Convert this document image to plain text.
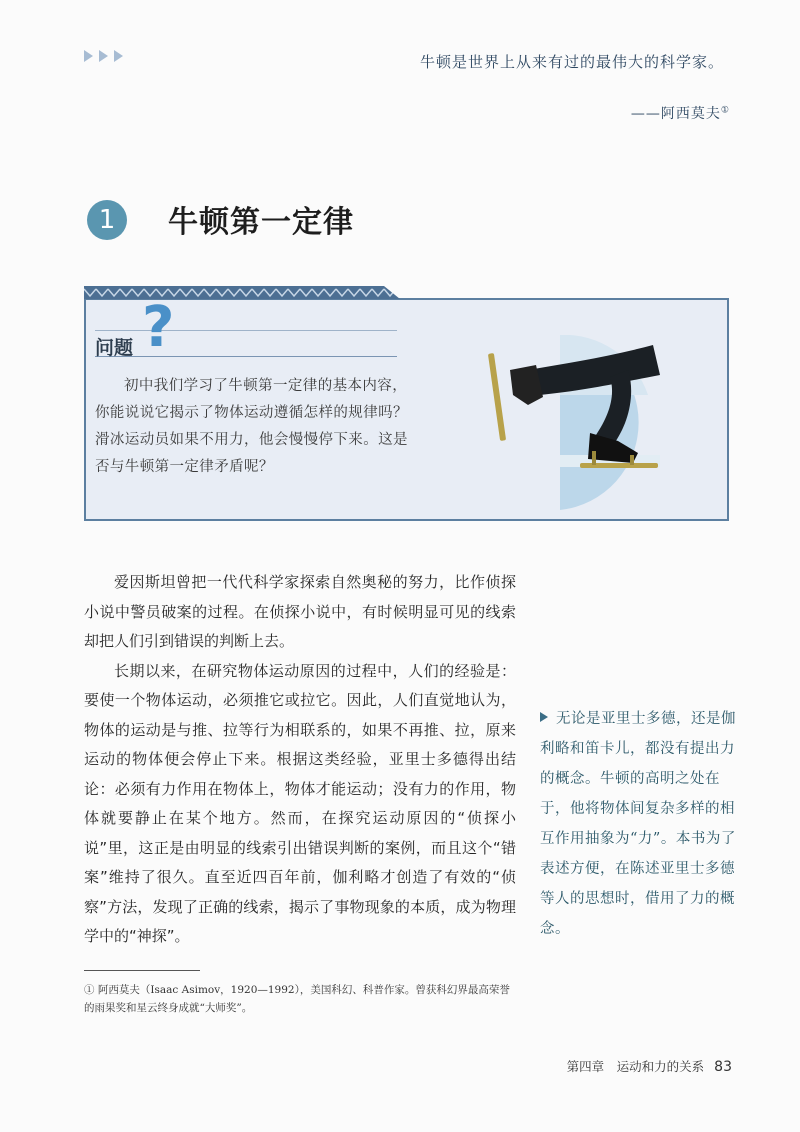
牛顿是世界上从来有过的最伟大的科学家。
——阿西莫夫①
1	牛顿第一定律
问题 ?
初中我们学习了牛顿第一定律的基本内容，你能说说它揭示了物体运动遵循怎样的规律吗？滑冰运动员如果不用力，他会慢慢停下来。这是否与牛顿第一定律矛盾呢？

爱因斯坦曾把一代代科学家探索自然奥秘的努力，比作侦探小说中警员破案的过程。在侦探小说中，有时候明显可见的线索却把人们引到错误的判断上去。

长期以来，在研究物体运动原因的过程中，人们的经验是：要使一个物体运动，必须推它或拉它。因此，人们直觉地认为，物体的运动是与推、拉等行为相联系的，如果不再推、拉，原来运动的物体便会停止下来。根据这类经验，亚里士多德得出结论：必须有力作用在物体上，物体才能运动；没有力的作用，物体就要静止在某个地方。然而，在探究运动原因的“侦探小说”里，这正是由明显的线索引出错误判断的案例，而且这个“错案”维持了很久。直至近四百年前，伽利略才创造了有效的“侦察”方法，发现了正确的线索，揭示了事物现象的本质，成为物理学中的“神探”。

无论是亚里士多德，还是伽利略和笛卡儿，都没有提出力的概念。牛顿的高明之处在于，他将物体间复杂多样的相互作用抽象为“力”。本书为了表述方便，在陈述亚里士多德等人的思想时，借用了力的概念。
① 阿西莫夫（Isaac Asimov，1920—1992），美国科幻、科普作家。曾获科幻界最高荣誉的雨果奖和星云终身成就“大师奖”。
第四章　运动和力的关系 83
